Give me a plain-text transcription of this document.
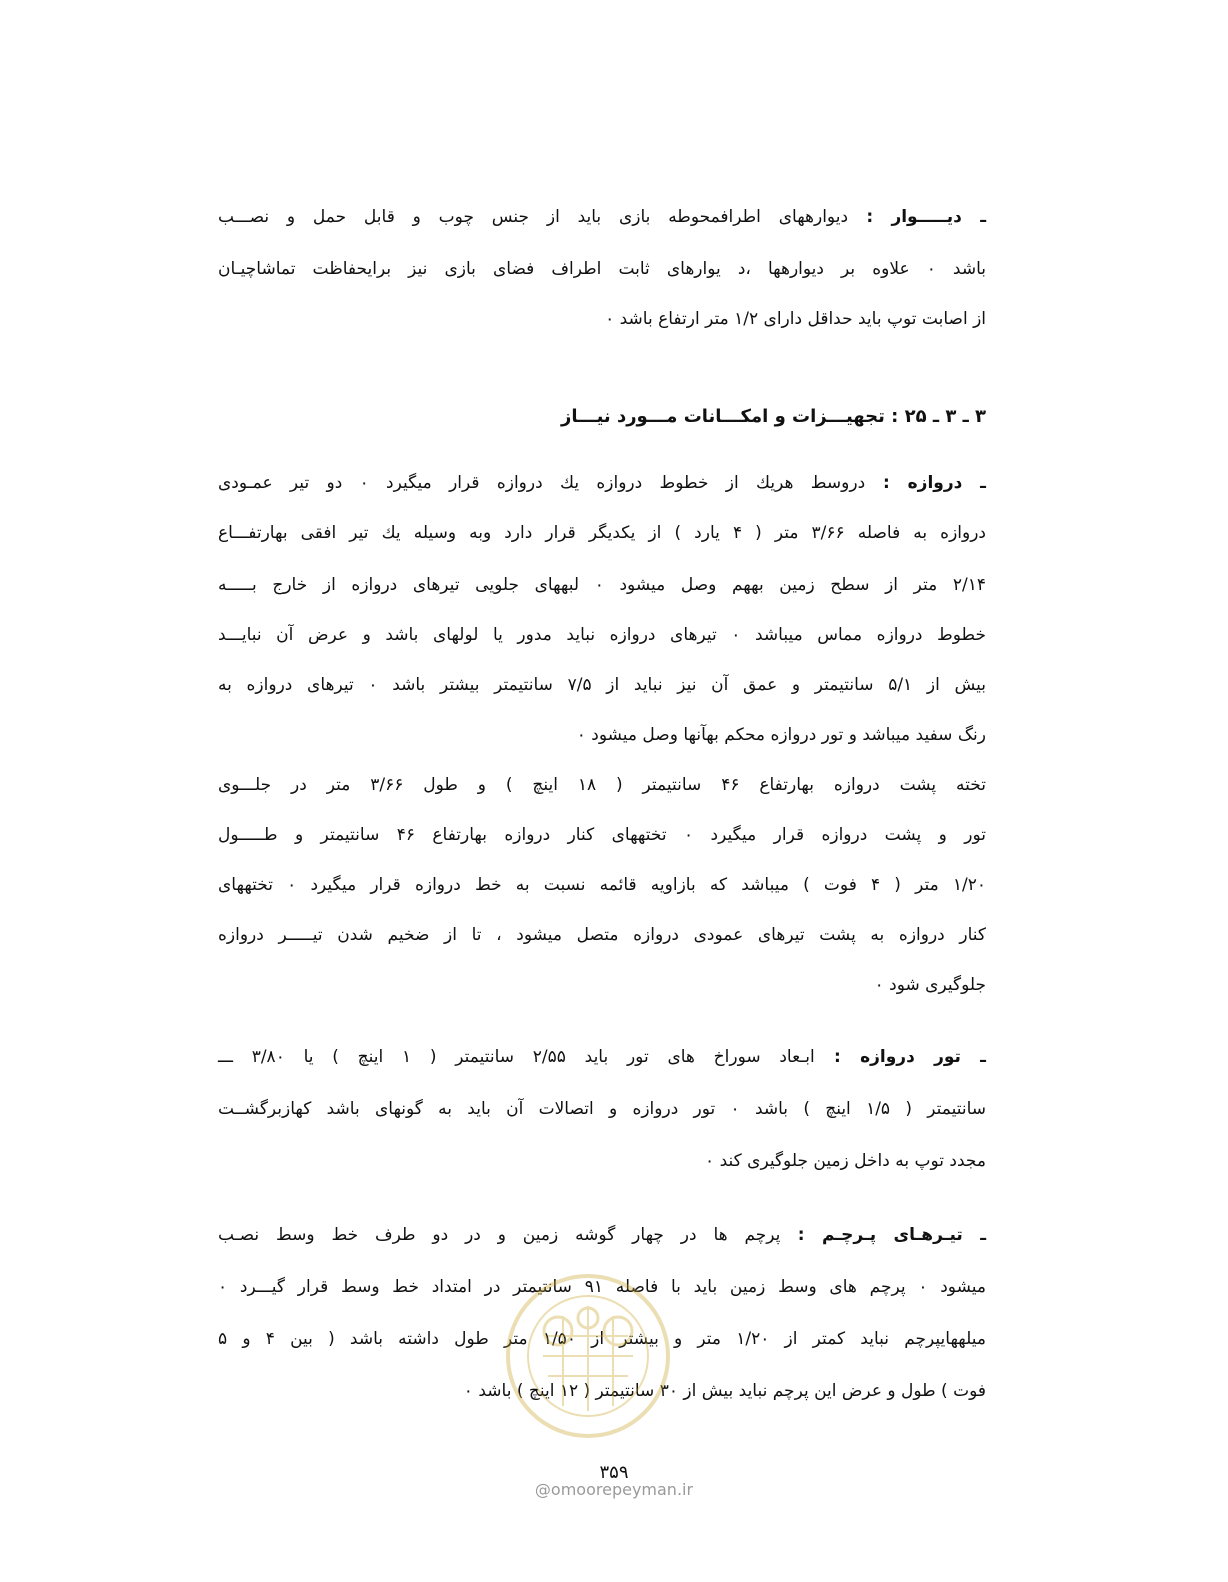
ـ دیـــــوار : دیوارههای اطرافمحوطه بازی باید از جنس چوب و قابل حمل و نصـــب
باشد ۰ علاوه بر دیوارهها ،د یوارهای ثابت اطراف فضای بازی نیز برایحفاظت تماشاچیـان
از اصابت توپ باید حداقل دارای ۱/۲ متر ارتفاع باشد ۰
۳ ـ ۳ ـ ۲۵ : تجهیـــزات و امکـــانات مـــورد نیـــاز
ـ دروازه : دروسط هریك از خطوط دروازه یك دروازه قرار میگیرد ۰ دو تیر عمـودی
دروازه به فاصله ۳/۶۶ متر ( ۴ یارد ) از یکدیگر قرار دارد وبه وسیله یك تیر افقی بهارتفـــاع
۲/۱۴ متر از سطح زمین بههم وصل میشود ۰ لبههای جلویی تیرهای دروازه از خارج بـــــه
خطوط دروازه مماس میباشد ۰ تیرهای دروازه نباید مدور یا لولهای باشد و عرض آن نبایـــد
بیش از ۵/۱ سانتیمتر و عمق آن نیز نباید از ۷/۵ سانتیمتر بیشتر باشد ۰ تیرهای دروازه به
رنگ سفید میباشد و تور دروازه محکم بهآنها وصل میشود ۰
تخته پشت دروازه بهارتفاع ۴۶ سانتیمتر ( ۱۸ اینچ ) و طول ۳/۶۶ متر در جلـــوی
تور و پشت دروازه قرار میگیرد ۰ تختههای کنار دروازه بهارتفاع ۴۶ سانتیمتر و طـــــول
۱/۲۰ متر ( ۴ فوت ) میباشد که بازاویه قائمه نسبت به خط دروازه قرار میگیرد ۰ تختههای
کنار دروازه به پشت تیرهای عمودی دروازه متصل میشود ، تا از ضخیم شدن تیـــــر دروازه
جلوگیری شود ۰
ـ تور دروازه : ابـعاد سوراخ های تور باید ۲/۵۵ سانتیمتر ( ۱ اینچ ) یا ۳/۸۰ ـــ
سانتیمتر ( ۱/۵ اینچ ) باشد ۰ تور دروازه و اتصالات آن باید به گونهای باشد کهازبرگشــت
مجدد توپ به داخل زمین جلوگیری کند ۰
ـ تیـرهـای پـرچـم : پرچم ها در چهار گوشه زمین و در دو طرف خط وسط نصـب
میشود ۰ پرچم های وسط زمین باید با فاصله ۹۱ سانتیمتر در امتداد خط وسط قرار گیـــرد ۰
میلههایپرچم نباید کمتر از ۱/۲۰ متر و بیشتر از ۱/۵۰ متر طول داشته باشد ( بین ۴ و ۵
فوت ) طول و عرض این پرچم نباید بیش از ۳۰ سانتیمتر ( ۱۲ اینچ ) باشد ۰
۳۵۹
@omoorepeyman.ir
